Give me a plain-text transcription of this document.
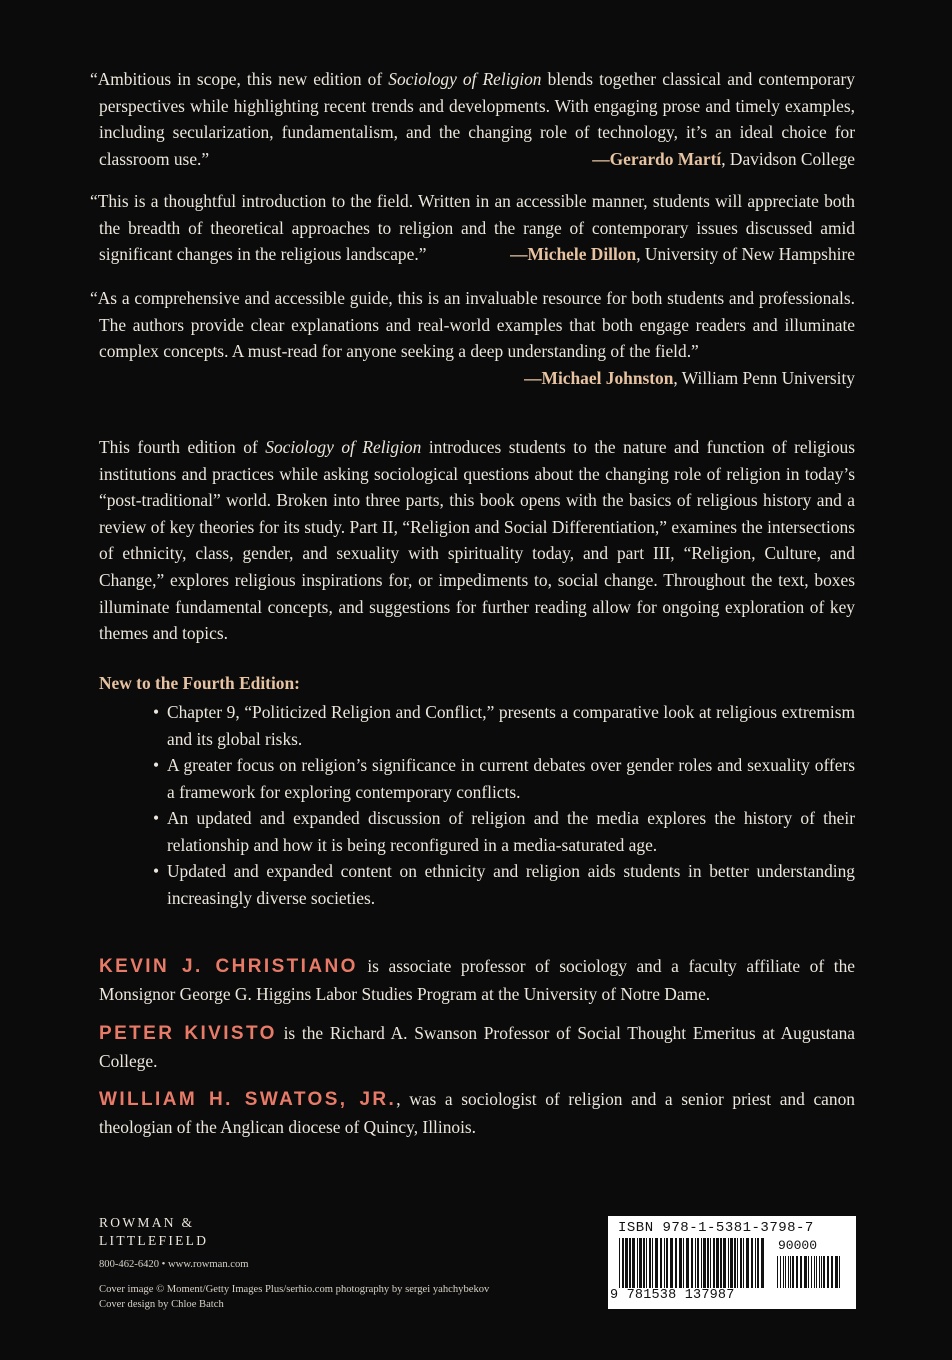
“Ambitious in scope, this new edition of Sociology of Religion blends together classical and contemporary perspectives while highlighting recent trends and developments. With engaging prose and timely examples, including secularization, fundamentalism, and the changing role of technology, it’s an ideal choice for classroom use.”	—Gerardo Martí, Davidson College

“This is a thoughtful introduction to the field. Written in an accessible manner, students will appreciate both the breadth of theoretical approaches to religion and the range of contemporary issues discussed amid significant changes in the religious landscape.”	—Michele Dillon, University of New Hampshire

“As a comprehensive and accessible guide, this is an invaluable resource for both students and professionals. The authors provide clear explanations and real-world examples that both engage readers and illuminate complex concepts. A must-read for anyone seeking a deep understanding of the field.”

—Michael Johnston, William Penn University
This fourth edition of Sociology of Religion introduces students to the nature and function of religious institutions and practices while asking sociological questions about the changing role of religion in today’s “post-traditional” world. Broken into three parts, this book opens with the basics of religious history and a review of key theories for its study. Part II, “Religion and Social Differentiation,” examines the intersections of ethnicity, class, gender, and sexuality with spirituality today, and part III, “Religion, Culture, and Change,” explores religious inspirations for, or impediments to, social change. Throughout the text, boxes illuminate fundamental concepts, and suggestions for further reading allow for ongoing exploration of key themes and topics.
New to the Fourth Edition:
• Chapter 9, “Politicized Religion and Conflict,” presents a comparative look at religious extremism and its global risks.
• A greater focus on religion’s significance in current debates over gender roles and sexuality offers a framework for exploring contemporary conflicts.
• An updated and expanded discussion of religion and the media explores the history of their relationship and how it is being reconfigured in a media-saturated age.
• Updated and expanded content on ethnicity and religion aids students in better understanding increasingly diverse societies.
KEVIN J. CHRISTIANO is associate professor of sociology and a faculty affiliate of the Monsignor George G. Higgins Labor Studies Program at the University of Notre Dame.
PETER KIVISTO is the Richard A. Swanson Professor of Social Thought Emeritus at Augustana College.
WILLIAM H. SWATOS, JR., was a sociologist of religion and a senior priest and canon theologian of the Anglican diocese of Quincy, Illinois.
ROWMAN &
LITTLEFIELD
800-462-6420 • www.rowman.com
Cover image © Moment/Getty Images Plus/serhio.com photography by sergei yahchybekov
Cover design by Chloe Batch
ISBN 978-1-5381-3798-7
90000
9 781538 137987
